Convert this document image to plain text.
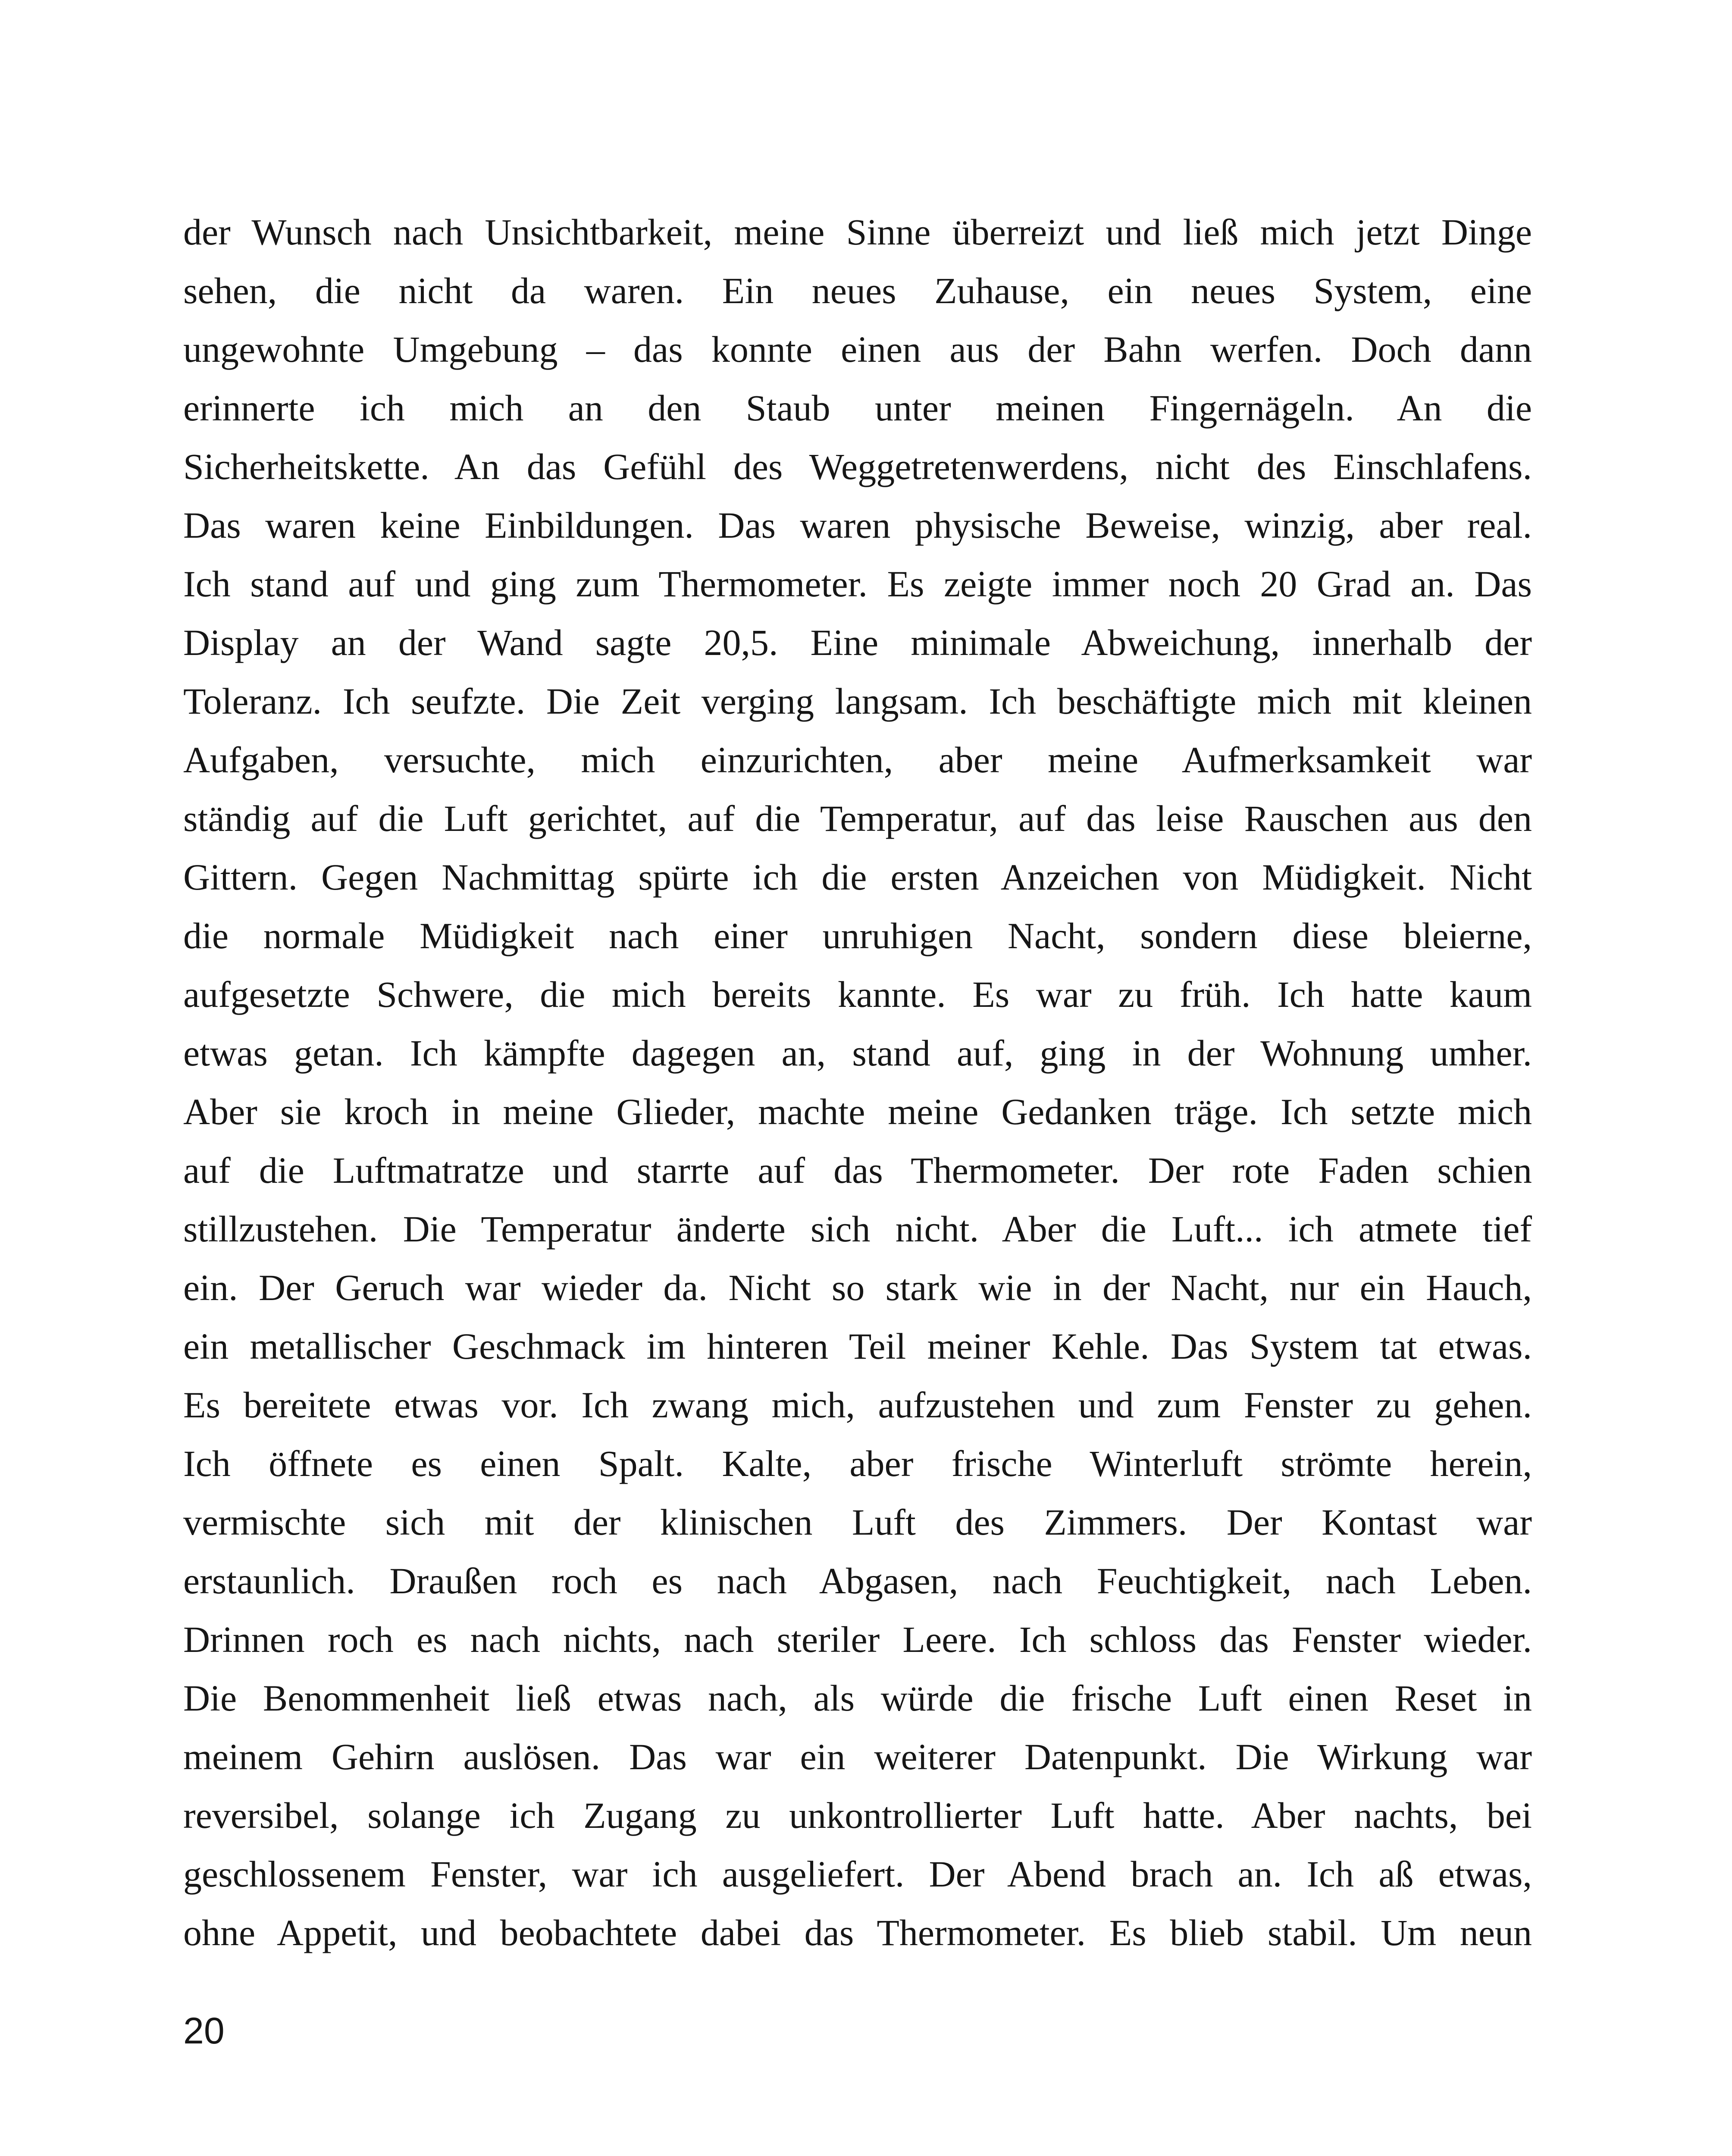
der Wunsch nach Unsichtbarkeit, meine Sinne überreizt und ließ mich jetzt Dinge
sehen, die nicht da waren. Ein neues Zuhause, ein neues System, eine
ungewohnte Umgebung – das konnte einen aus der Bahn werfen. Doch dann
erinnerte ich mich an den Staub unter meinen Fingernägeln. An die
Sicherheitskette. An das Gefühl des Weggetretenwerdens, nicht des Einschlafens.
Das waren keine Einbildungen. Das waren physische Beweise, winzig, aber real.
Ich stand auf und ging zum Thermometer. Es zeigte immer noch 20 Grad an. Das
Display an der Wand sagte 20,5. Eine minimale Abweichung, innerhalb der
Toleranz. Ich seufzte. Die Zeit verging langsam. Ich beschäftigte mich mit kleinen
Aufgaben, versuchte, mich einzurichten, aber meine Aufmerksamkeit war
ständig auf die Luft gerichtet, auf die Temperatur, auf das leise Rauschen aus den
Gittern. Gegen Nachmittag spürte ich die ersten Anzeichen von Müdigkeit. Nicht
die normale Müdigkeit nach einer unruhigen Nacht, sondern diese bleierne,
aufgesetzte Schwere, die mich bereits kannte. Es war zu früh. Ich hatte kaum
etwas getan. Ich kämpfte dagegen an, stand auf, ging in der Wohnung umher.
Aber sie kroch in meine Glieder, machte meine Gedanken träge. Ich setzte mich
auf die Luftmatratze und starrte auf das Thermometer. Der rote Faden schien
stillzustehen. Die Temperatur änderte sich nicht. Aber die Luft... ich atmete tief
ein. Der Geruch war wieder da. Nicht so stark wie in der Nacht, nur ein Hauch,
ein metallischer Geschmack im hinteren Teil meiner Kehle. Das System tat etwas.
Es bereitete etwas vor. Ich zwang mich, aufzustehen und zum Fenster zu gehen.
Ich öffnete es einen Spalt. Kalte, aber frische Winterluft strömte herein,
vermischte sich mit der klinischen Luft des Zimmers. Der Kontast war
erstaunlich. Draußen roch es nach Abgasen, nach Feuchtigkeit, nach Leben.
Drinnen roch es nach nichts, nach steriler Leere. Ich schloss das Fenster wieder.
Die Benommenheit ließ etwas nach, als würde die frische Luft einen Reset in
meinem Gehirn auslösen. Das war ein weiterer Datenpunkt. Die Wirkung war
reversibel, solange ich Zugang zu unkontrollierter Luft hatte. Aber nachts, bei
geschlossenem Fenster, war ich ausgeliefert. Der Abend brach an. Ich aß etwas,
ohne Appetit, und beobachtete dabei das Thermometer. Es blieb stabil. Um neun
20
